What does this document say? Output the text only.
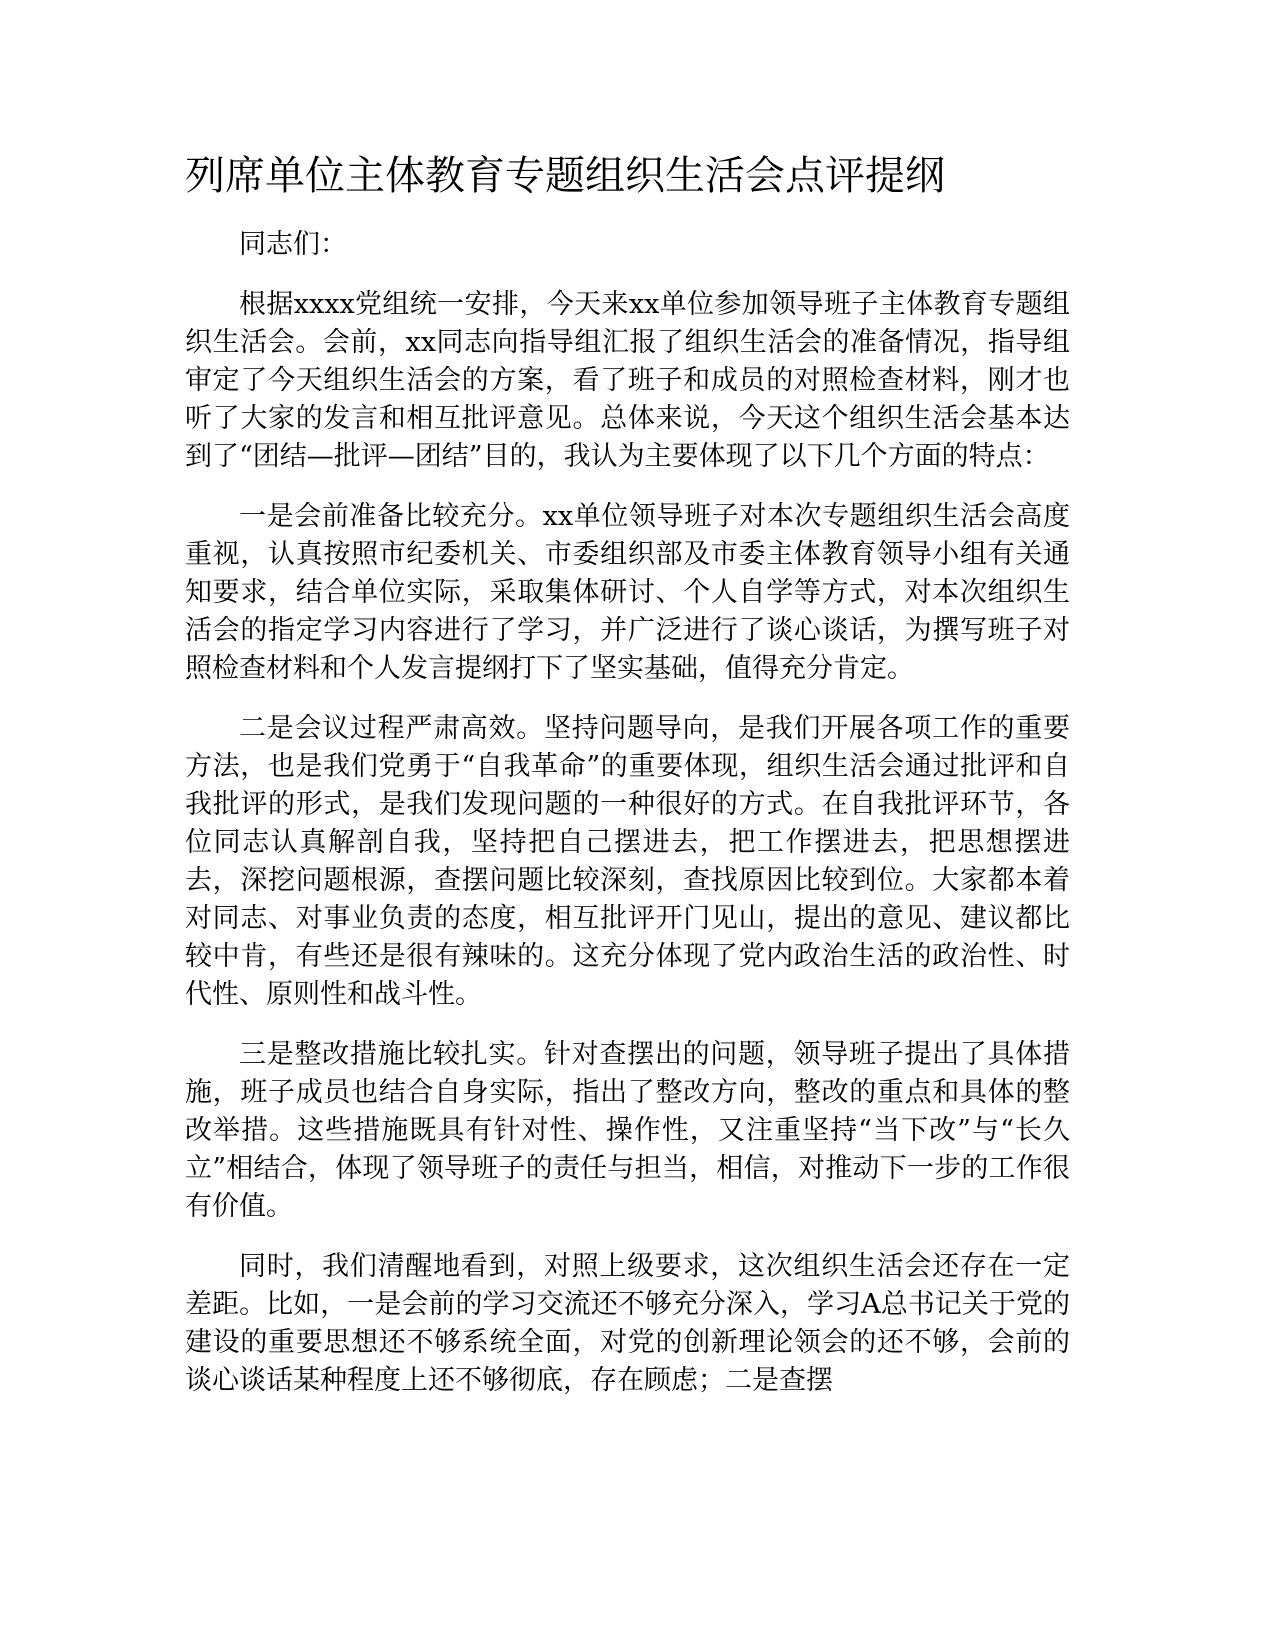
列席单位主体教育专题组织生活会点评提纲

同志们：

根据xxxx党组统一安排，今天来xx单位参加领导班子主体教育专题组织生活会。会前，xx同志向指导组汇报了组织生活会的准备情况，指导组审定了今天组织生活会的方案，看了班子和成员的对照检查材料，刚才也听了大家的发言和相互批评意见。总体来说，今天这个组织生活会基本达到了“团结—批评—团结”目的，我认为主要体现了以下几个方面的特点：

一是会前准备比较充分。xx单位领导班子对本次专题组织生活会高度重视，认真按照市纪委机关、市委组织部及市委主体教育领导小组有关通知要求，结合单位实际，采取集体研讨、个人自学等方式，对本次组织生活会的指定学习内容进行了学习，并广泛进行了谈心谈话，为撰写班子对照检查材料和个人发言提纲打下了坚实基础，值得充分肯定。

二是会议过程严肃高效。坚持问题导向，是我们开展各项工作的重要方法，也是我们党勇于“自我革命”的重要体现，组织生活会通过批评和自我批评的形式，是我们发现问题的一种很好的方式。在自我批评环节，各位同志认真解剖自我，坚持把自己摆进去，把工作摆进去，把思想摆进去，深挖问题根源，查摆问题比较深刻，查找原因比较到位。大家都本着对同志、对事业负责的态度，相互批评开门见山，提出的意见、建议都比较中肯，有些还是很有辣味的。这充分体现了党内政治生活的政治性、时代性、原则性和战斗性。

三是整改措施比较扎实。针对查摆出的问题，领导班子提出了具体措施，班子成员也结合自身实际，指出了整改方向，整改的重点和具体的整改举措。这些措施既具有针对性、操作性，又注重坚持“当下改”与“长久立”相结合，体现了领导班子的责任与担当，相信，对推动下一步的工作很有价值。

同时，我们清醒地看到，对照上级要求，这次组织生活会还存在一定差距。比如，一是会前的学习交流还不够充分深入，学习A总书记关于党的建设的重要思想还不够系统全面，对党的创新理论领会的还不够，会前的谈心谈话某种程度上还不够彻底，存在顾虑；二是查摆
